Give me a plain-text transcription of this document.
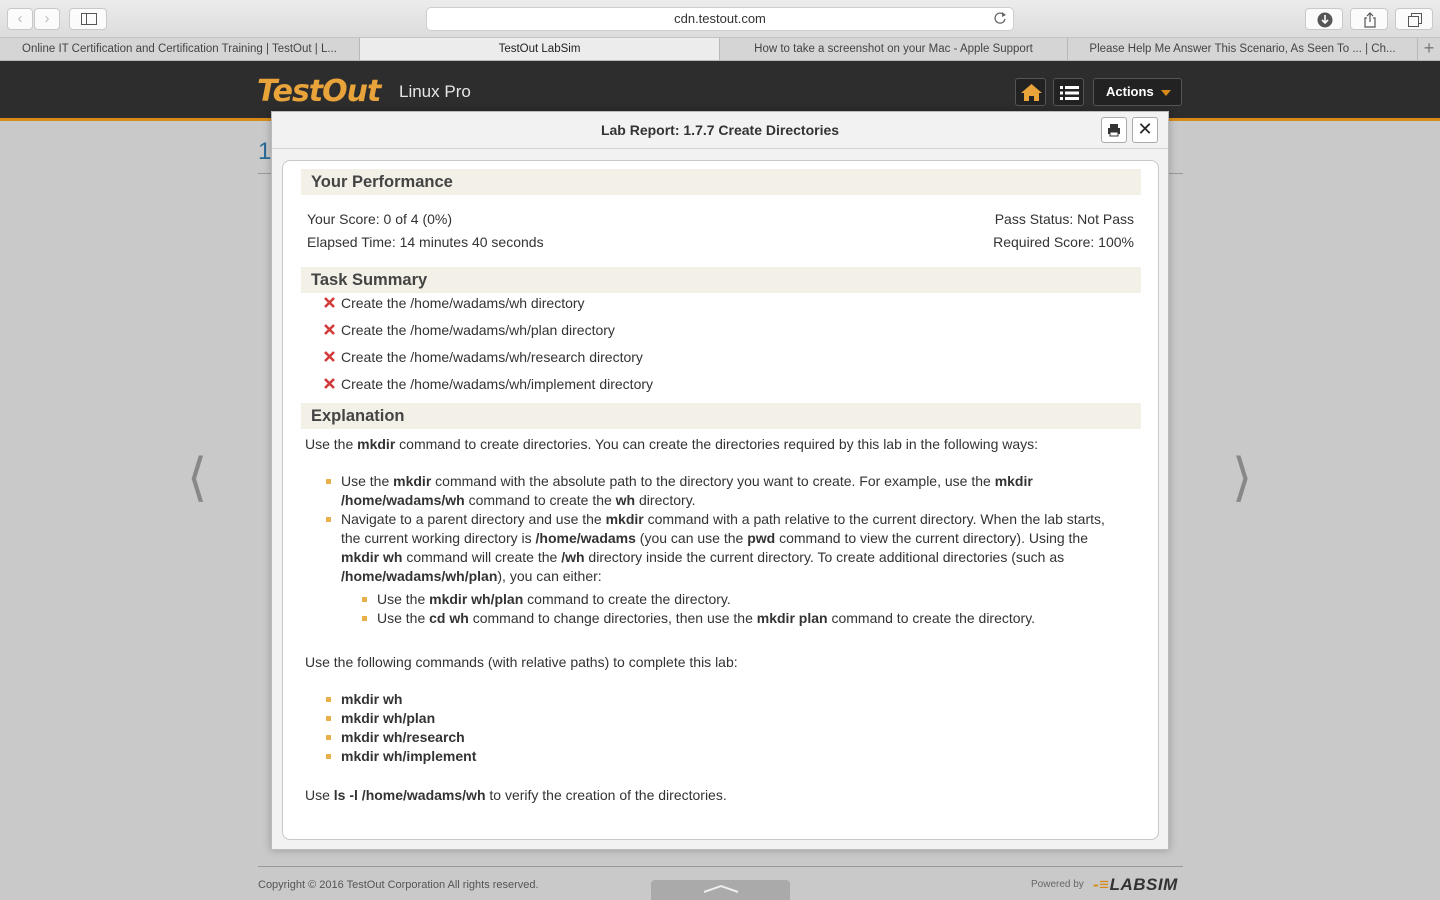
‹	›	cdn.testout.com
Online IT Certification and Certification Training | TestOut | L...	TestOut LabSim	How to take a screenshot on your Mac - Apple Support	Please Help Me Answer This Scenario, As Seen To ... | Ch...	+
TestOut Linux Pro	Actions
1
⟨	⟩
Copyright © 2016 TestOut Corporation All rights reserved.	Powered by -≡LABSIM
Lab Report: 1.7.7 Create Directories	✕
Your Performance
Your Score: 0 of 4 (0%)
Elapsed Time: 14 minutes 40 seconds
Pass Status: Not Pass
Required Score: 100%
Task Summary
Create the /home/wadams/wh directory
Create the /home/wadams/wh/plan directory
Create the /home/wadams/wh/research directory
Create the /home/wadams/wh/implement directory
Explanation
Use the mkdir command to create directories. You can create the directories required by this lab in the following ways:
Use the mkdir command with the absolute path to the directory you want to create. For example, use the mkdir /home/wadams/wh command to create the wh directory.
Navigate to a parent directory and use the mkdir command with a path relative to the current directory. When the lab starts, the current working directory is /home/wadams (you can use the pwd command to view the current directory). Using the mkdir wh command will create the /wh directory inside the current directory. To create additional directories (such as /home/wadams/wh/plan), you can either:
Use the mkdir wh/plan command to create the directory.
Use the cd wh command to change directories, then use the mkdir plan command to create the directory.
Use the following commands (with relative paths) to complete this lab:
mkdir wh
mkdir wh/plan
mkdir wh/research
mkdir wh/implement
Use ls -l /home/wadams/wh to verify the creation of the directories.
